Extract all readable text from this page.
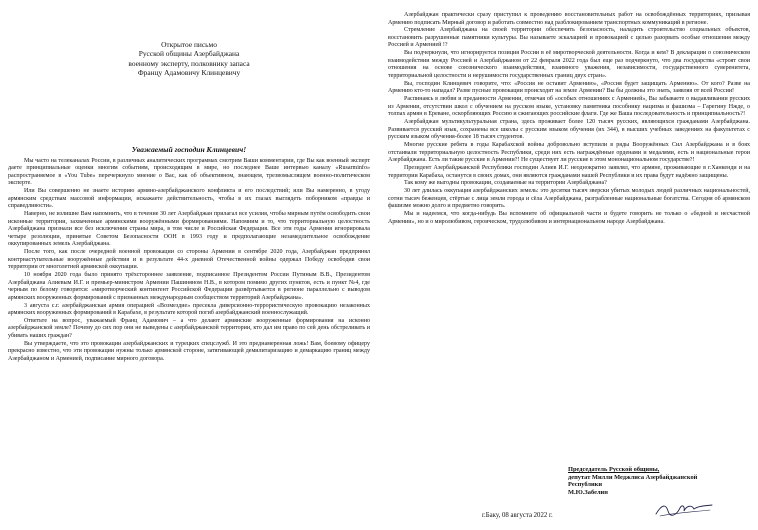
Открытое письмо
Русской общины Азербайджана
военному эксперту, полковнику запаса
Францу Адамовичу Клинцевичу
Уважаемый господин Клинцевич!

Мы часто на телеканалах России, в различных аналитических программах смотрим Ваши комментарии, где Вы как военный эксперт даете принципиальные оценки многим событиям, происходящим в мире, но последнее Ваше интервью каналу «Rusarminfo» распространяемое в «You Tube» перечеркнуло мнение о Вас, как об объективном, знающем, трезвомыслящем военно-политическом эксперте.

Или Вы совершенно не знаете историю армяно-азербайджанского конфликта и его последствий; или Вы намеренно, в угоду армянским средствам массовой информации, искажаете действительность, чтобы в их глазах выглядеть поборником «правды и справедливости».

Наверно, не излишне Вам напомнить, что в течение 30 лет Азербайджан прилагал все усилия, чтобы мирным путём освободить свои исконные территории, захваченные армянскими вооружёнными формированиями. Напомним и то, что территориальную целостность Азербайджана признали все без исключения страны мира, в том числе и Российская Федерация. Все эти годы Армения игнорировала четыре резолюции, принятые Советом Безопасности ООН в 1993 году и предполагающие незамедлительное освобождение оккупированных земель Азербайджана.

После того, как после очередной военной провокации со стороны Армении в сентябре 2020 года, Азербайджан предпринял контрнаступательные вооружённые действия и в результате 44-х дневной Отечественной войны одержал Победу освободив свои территории от многолетней армянской оккупации.

10 ноября 2020 года было принято трёхстороннее заявление, подписанное Президентом России Путиным В.В., Президентом Азербайджана Алиевым И.Г. и премьер-министром Армении Пашиняном Н.В., в котором помимо других пунктов, есть и пункт №4, где черным по белому говорится: «миротворческий контингент Российской Федерации развёртывается в регионе параллельно с выводом армянских вооруженных формирований с признанных международным сообществом территорий Азербайджана».

3 августа с.г. азербайджанская армия операцией «Возмездие» пресекла диверсионно-террористическую провокацию незаконных армянских вооруженных формирований в Карабахе, в результате которой погиб азербайджанский военнослужащий.

Ответьте на вопрос, уважаемый Франц Адамович – а что делают армянские вооруженные формирования на исконно азербайджанской земле? Почему до сих пор они не выведены с азербайджанской территории, кто дал им право по сей день обстреливать и убивать наших граждан?

Вы утверждаете, что это провокации азербайджанских и турецких спецслужб. И это преднамеренная ложь! Вам, боевому офицеру прекрасно известно, что эти провокации нужны только армянской стороне, затягивающей демилитаризацию и демаркацию границ между Азербайджаном и Арменией, подписание мирного договора.

Азербайджан практически сразу приступил к проведению восстановительных работ на освобождённых территориях, призывая Армению подписать Мирный договор и работать совместно над разблокированием транспортных коммуникаций в регионе.

Стремление Азербайджана на своей территории обеспечить безопасность, наладить строительство социальных объектов, восстановить разрушенные памятники культуры. Вы называете эскалацией и провокацией с целью разорвать особые отношения между Россией и Арменией !?

Вы подчеркнули, что игнорируется позиция России в её миротворческой деятельности. Когда и кем? В декларации о союзническом взаимодействии между Россией и Азербайджаном от 22 февраля 2022 года был еще раз подчеркнуто, что два государства «строят свои отношения на основе союзнического взаимодействия, взаимного уважения, независимости, государственного суверенитета, территориальной целостности и нерушимости государственных границ двух стран».

Вы, господин Клинцевич говорите, что: «Россия не оставит Армению», «Россия будет защищать Армению». От кого? Разве на Армению кто-то нападал? Разве пусные провокации происходят на земле Армении? Вы бы должны это знать, заявляя от всей России!

Распинаясь в любви и преданности Армении, отмечая об «особых отношениях с Арменией», Вы забываете о выдавливании русских из Армении, отсутствии школ с обучением на русском языке, установку памятника пособнику нацизма и фашизма – Гарегину Нжде, о толпах армян в Ереване, оскорбляющих Россию и сжигающих российские флаги. Где же Ваша последовательность и принципиальность?!

Азербайджан мультикультуральная страна, здесь проживает более 120 тысяч русских, являющихся гражданами Азербайджана. Развивается русский язык, сохранены все школы с русским языком обучения (их 344), в высших учебных заведениях на факультетах с русским языком обучения-более 18 тысяч студентов.

Многие русские ребята в годы Карабахской войны добровольно вступили в ряды Вооружённых Сил Азербайджана и в боях отстаивали территориальную целостность Республики, среди них есть награждённые орденами и медалями, есть и национальные герои Азербайджана. Есть ли такие русские в Армении?! Не существует ли русские в этом мононациональном государстве?!

Президент Азербайджанской Республики господин Алиев И.Г. неоднократно заявлял, что армяне, проживающие в г.Ханкенди и на территории Карабаха, останутся в своих домах, они являются гражданами нашей Республики и их права будут надёжно защищены.

Так кому же выгодны провокации, создаваемые на территории Азербайджана?

30 лет длилась оккупация азербайджанских земель: это десятки тысяч зверски убитых молодых людей различных национальностей, сотни тысяч беженцев, стёртые с лица земли города и сёла Азербайджана, разграбленные национальные богатства. Сегодня об армянском фашизме можно долго и предметно говорить.

Мы и надеемся, что когда-нибудь Вы вспомните об официальной части и будете говорить не только о «бедной и несчастной Армении», но и о миролюбивом, героическом, трудолюбивом и интернациональном народе Азербайджана.

Председатель Русской общины,
депутат Милли Меджлиса Азербайджанской
Республики
М.Ю.Забелин
г.Баку, 08 августа 2022 г.
